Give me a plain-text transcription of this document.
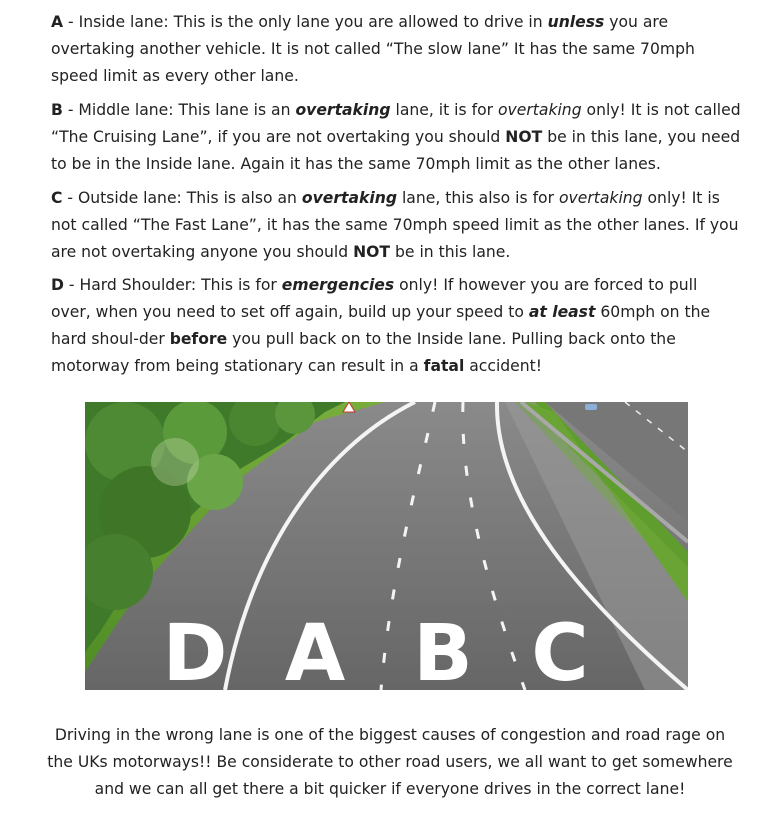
A - Inside lane: This is the only lane you are allowed to drive in unless you are overtaking another vehicle. It is not called “The slow lane” It has the same 70mph speed limit as every other lane.

B - Middle lane: This lane is an overtaking lane, it is for overtaking only! It is not called “The Cruising Lane”, if you are not overtaking you should NOT be in this lane, you need to be in the Inside lane. Again it has the same 70mph limit as the other lanes.

C - Outside lane: This is also an overtaking lane, this also is for overtaking only! It is not called “The Fast Lane”, it has the same 70mph speed limit as the other lanes. If you are not overtaking anyone you should NOT be in this lane.

D - Hard Shoulder: This is for emergencies only! If however you are forced to pull over, when you need to set off again, build up your speed to at least 60mph on the hard shoul-der before you pull back on to the Inside lane. Pulling back onto the motorway from being stationary can result in a fatal accident!

D A B C

Driving in the wrong lane is one of the biggest causes of congestion and road rage on the UKs motorways!! Be considerate to other road users, we all want to get somewhere and we can all get there a bit quicker if everyone drives in the correct lane!
